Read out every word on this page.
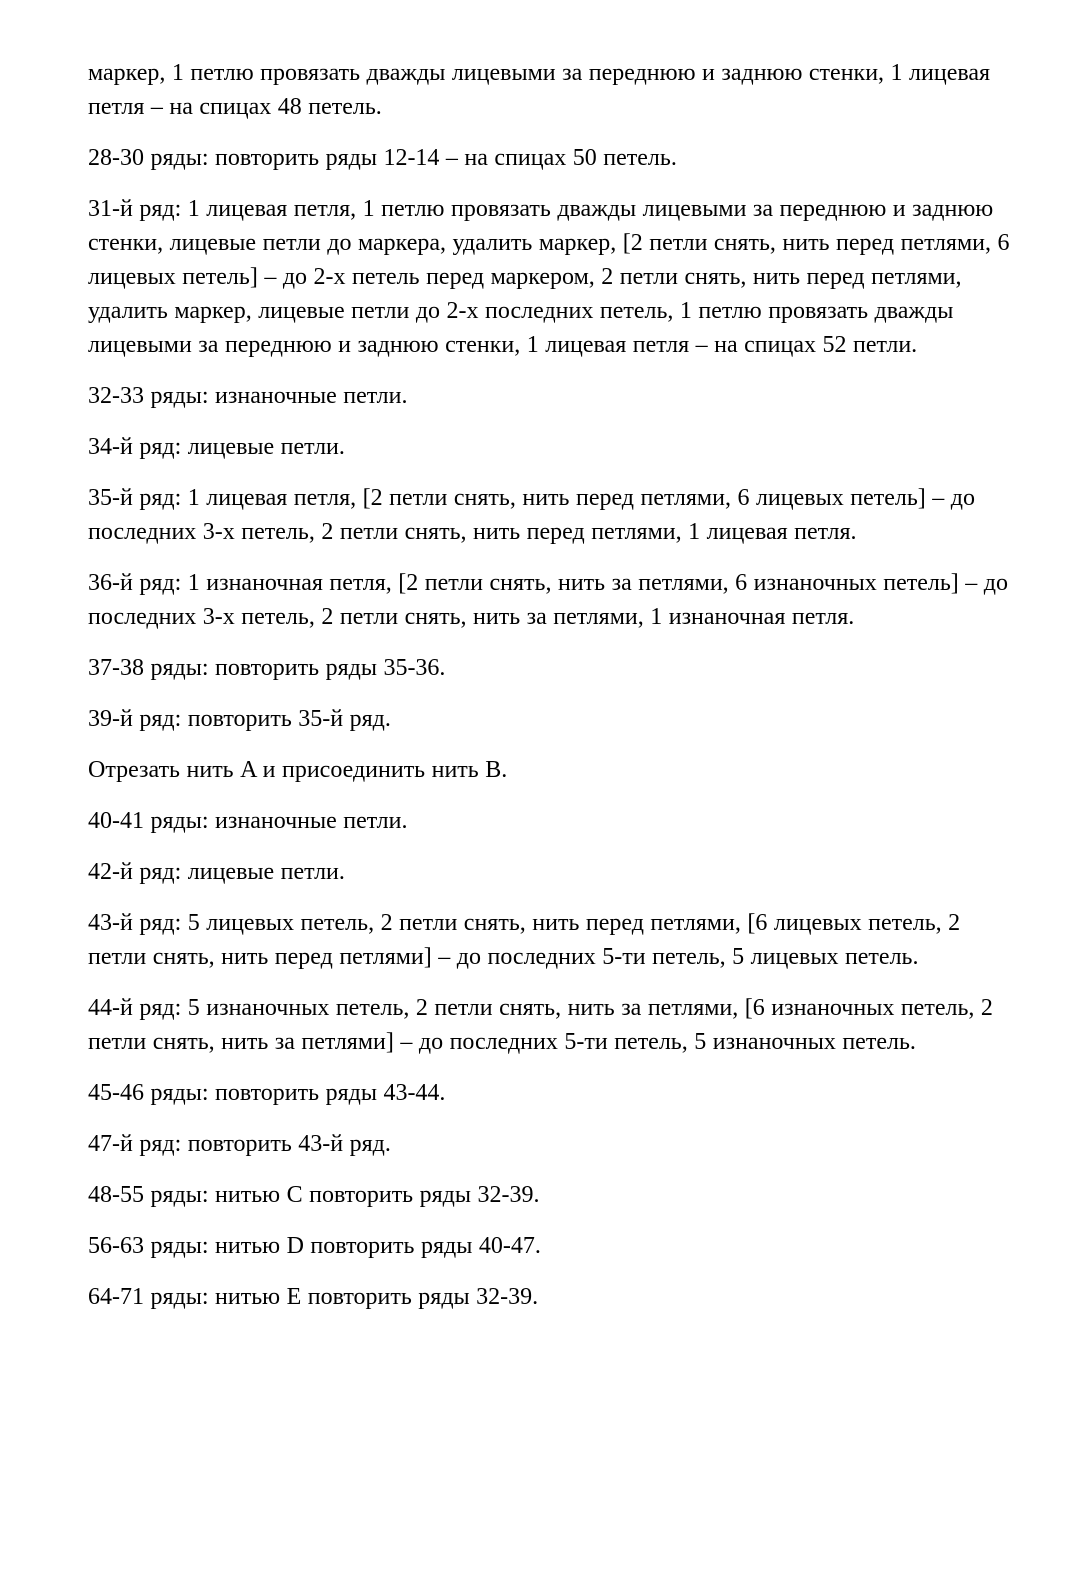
маркер, 1 петлю провязать дважды лицевыми за переднюю и заднюю стенки, 1 лицевая петля – на спицах 48 петель.

28-30 ряды: повторить ряды 12-14 – на спицах 50 петель.

31-й ряд: 1 лицевая петля, 1 петлю провязать дважды лицевыми за переднюю и заднюю стенки, лицевые петли до маркера, удалить маркер, [2 петли снять, нить перед петлями, 6 лицевых петель] – до 2-х петель перед маркером, 2 петли снять, нить перед петлями, удалить маркер, лицевые петли до 2-х последних петель, 1 петлю провязать дважды лицевыми за переднюю и заднюю стенки, 1 лицевая петля – на спицах 52 петли.

32-33 ряды: изнаночные петли.

34-й ряд: лицевые петли.

35-й ряд: 1 лицевая петля, [2 петли снять, нить перед петлями, 6 лицевых петель] – до последних 3-х петель, 2 петли снять, нить перед петлями, 1 лицевая петля.

36-й ряд: 1 изнаночная петля, [2 петли снять, нить за петлями, 6 изнаночных петель] – до последних 3-х петель, 2 петли снять, нить за петлями, 1 изнаночная петля.

37-38 ряды: повторить ряды 35-36.

39-й ряд: повторить 35-й ряд.

Отрезать нить A и присоединить нить B.

40-41 ряды: изнаночные петли.

42-й ряд: лицевые петли.

43-й ряд: 5 лицевых петель, 2 петли снять, нить перед петлями, [6 лицевых петель, 2 петли снять, нить перед петлями] – до последних 5-ти петель, 5 лицевых петель.

44-й ряд: 5 изнаночных петель, 2 петли снять, нить за петлями, [6 изнаночных петель, 2 петли снять, нить за петлями] – до последних 5-ти петель, 5 изнаночных петель.

45-46 ряды: повторить ряды 43-44.

47-й ряд: повторить 43-й ряд.

48-55 ряды: нитью C повторить ряды 32-39.

56-63 ряды: нитью D повторить ряды 40-47.

64-71 ряды: нитью E повторить ряды 32-39.
